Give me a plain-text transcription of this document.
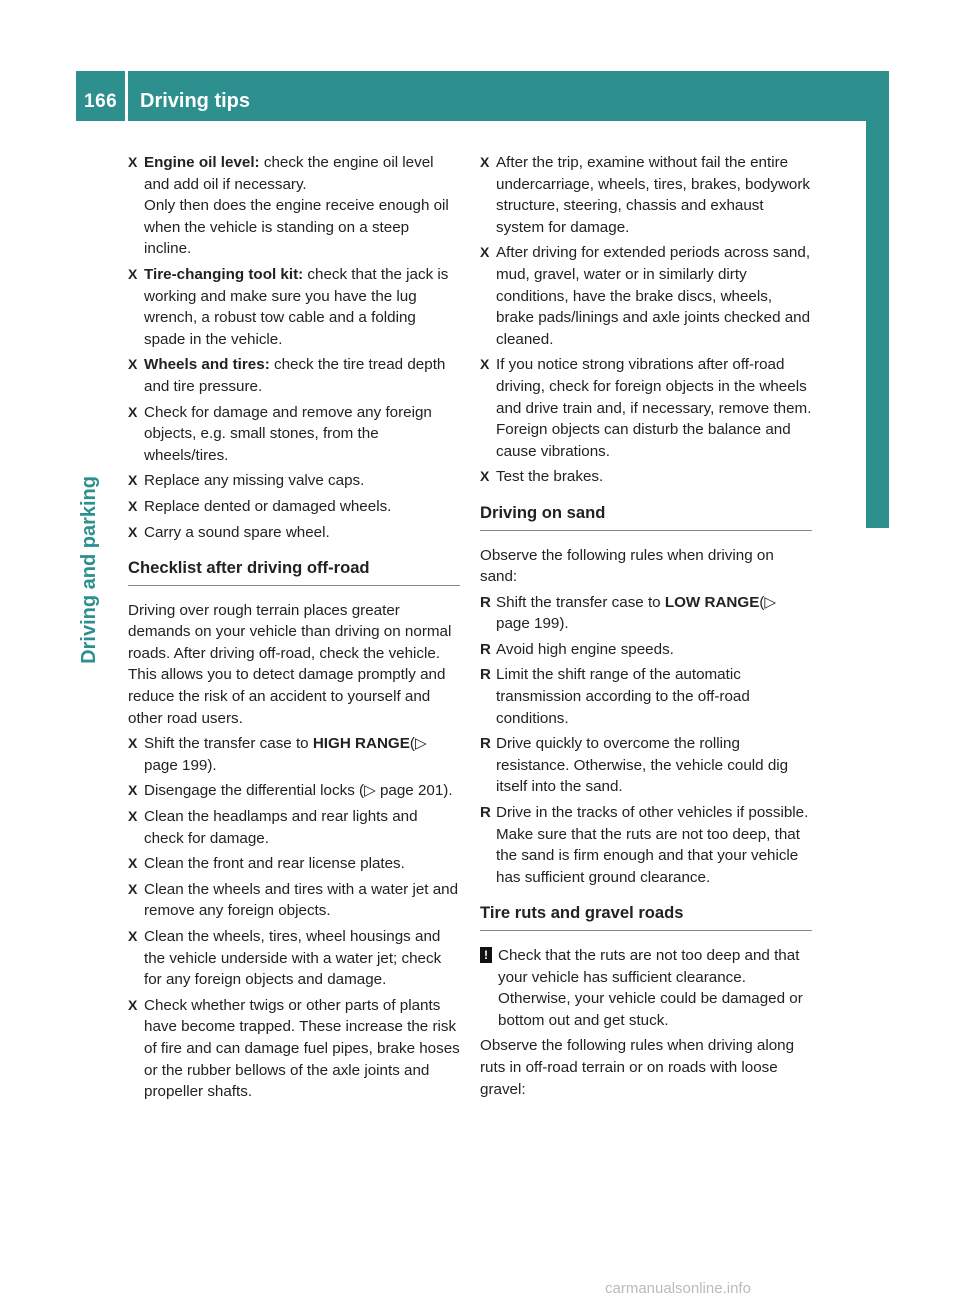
166 Driving tips
Driving and parking
X Engine oil level: check the engine oil level and add oil if necessary.
Only then does the engine receive enough oil when the vehicle is standing on a steep incline.

X Tire-changing tool kit: check that the jack is working and make sure you have the lug wrench, a robust tow cable and a folding spade in the vehicle.

X Wheels and tires: check the tire tread depth and tire pressure.

X Check for damage and remove any foreign objects, e.g. small stones, from the wheels/tires.

X Replace any missing valve caps.

X Replace dented or damaged wheels.

X Carry a sound spare wheel.

Checklist after driving off-road

Driving over rough terrain places greater demands on your vehicle than driving on normal roads. After driving off-road, check the vehicle. This allows you to detect damage promptly and reduce the risk of an accident to yourself and other road users.

X Shift the transfer case to HIGH RANGE(▷ page 199).

X Disengage the differential locks (▷ page 201).

X Clean the headlamps and rear lights and check for damage.

X Clean the front and rear license plates.

X Clean the wheels and tires with a water jet and remove any foreign objects.

X Clean the wheels, tires, wheel housings and the vehicle underside with a water jet; check for any foreign objects and damage.

X Check whether twigs or other parts of plants have become trapped. These increase the risk of fire and can damage fuel pipes, brake hoses or the rubber bellows of the axle joints and propeller shafts.

X After the trip, examine without fail the entire undercarriage, wheels, tires, brakes, bodywork structure, steering, chassis and exhaust system for damage.

X After driving for extended periods across sand, mud, gravel, water or in similarly dirty conditions, have the brake discs, wheels, brake pads/linings and axle joints checked and cleaned.

X If you notice strong vibrations after off-road driving, check for foreign objects in the wheels and drive train and, if necessary, remove them. Foreign objects can disturb the balance and cause vibrations.

X Test the brakes.

Driving on sand

Observe the following rules when driving on sand:

R Shift the transfer case to LOW RANGE(▷ page 199).

R Avoid high engine speeds.

R Limit the shift range of the automatic transmission according to the off-road conditions.

R Drive quickly to overcome the rolling resistance. Otherwise, the vehicle could dig itself into the sand.

R Drive in the tracks of other vehicles if possible. Make sure that the ruts are not too deep, that the sand is firm enough and that your vehicle has sufficient ground clearance.

Tire ruts and gravel roads
! Check that the ruts are not too deep and that your vehicle has sufficient clearance. Otherwise, your vehicle could be damaged or bottom out and get stuck.

Observe the following rules when driving along ruts in off-road terrain or on roads with loose gravel:

carmanualsonline.info
